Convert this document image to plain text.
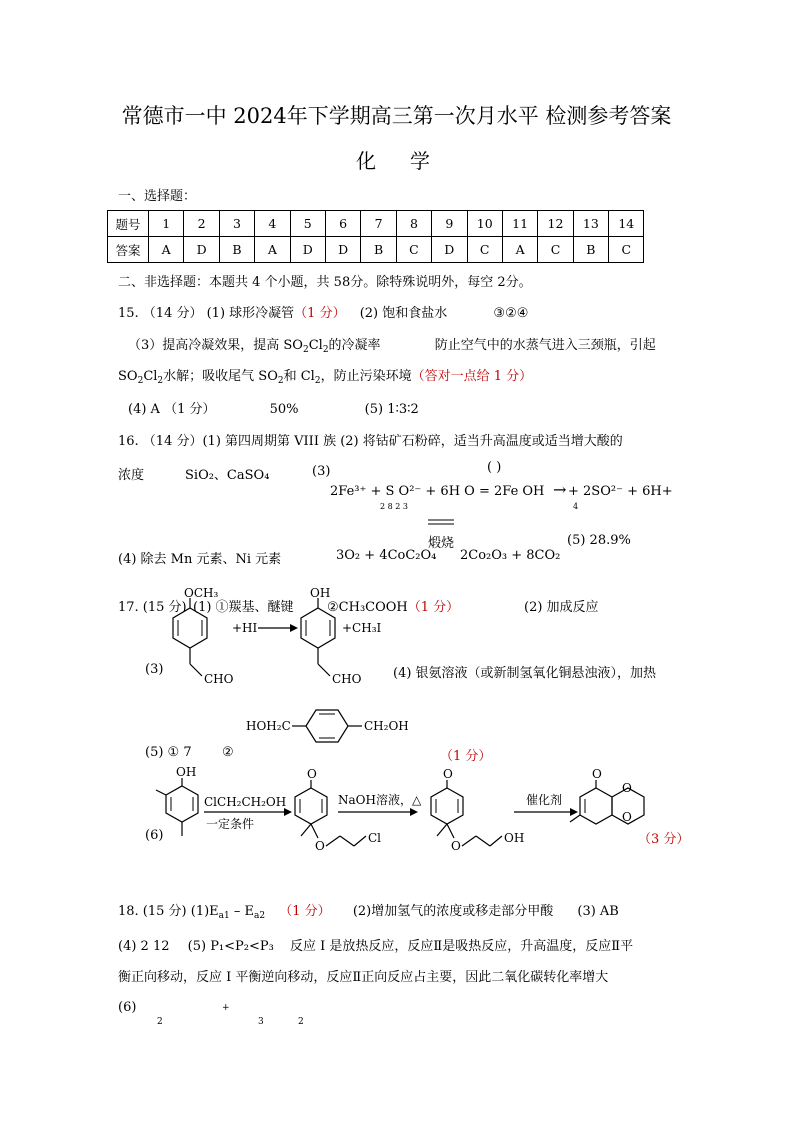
常德市一中 2024年下学期高三第一次月水平 检测参考答案
化 学
一、选择题：
题号	1	2	3	4	5	6	7	8	9	10	11	12	13	14
答案	A	D	B	A	D	D	B	C	D	C	A	C	B	C
二、非选择题：本题共 4 个小题，共 58分。除特殊说明外，每空 2分。
15. （14 分） (1) 球形冷凝管（1 分） (2) 饱和食盐水	③②④
（3）提高冷凝效果，提高 $SO_2Cl_2$的冷凝率	防止空气中的水蒸气进入三颈瓶，引起
$SO_2Cl_2$水解；吸收尾气 $SO_2$和 $Cl_2$，防止污染环境（答对一点给 1 分）
(4) A （1 分）	50%	(5) 1∶3∶2
16. （14 分）(1) 第四周期第 VIII 族 (2) 将钴矿石粉碎，适当升高温度或适当增大酸的
浓度	SiO₂、CaSO₄	(3)	( )
2Fe³⁺ + S O²⁻ + 6H O = 2Fe OH → + 2SO²⁻ + 6H+
2 8 2 3	4
煅烧
(4) 除去 Mn 元素、Ni 元素	3O₂ + 4CoC₂O₄ 2Co₂O₃ + 8CO₂
(5) 28.9%
17. (15 分) (1) ①羰基、醚键	②CH₃COOH（1 分）	(2) 加成反应
OCH₃
CHO
+HI
OH
CHO
+CH₃I
(3)	(4) 银氨溶液（或新制氢氧化铜悬浊液），加热
HOH₂C	CH₂OH
(5) ① 7 ②	（1 分）
OH
ClCH₂CH₂OH
一定条件
O
O
Cl
NaOH溶液，△
O
O
OH
催化剂
O
O
O
(6)	（3 分）
18. (15 分) $(1)E_{a1} - E_{a2}$ （1 分） (2)增加氢气的浓度或移走部分甲酸 (3) AB
(4) 2 12 (5) P₁<P₂<P₃ 反应 I 是放热反应，反应Ⅱ是吸热反应，升高温度，反应Ⅱ平
衡正向移动，反应 I 平衡逆向移动，反应Ⅱ正向反应占主要，因此二氧化碳转化率增大
(6)
2
+
3	2
